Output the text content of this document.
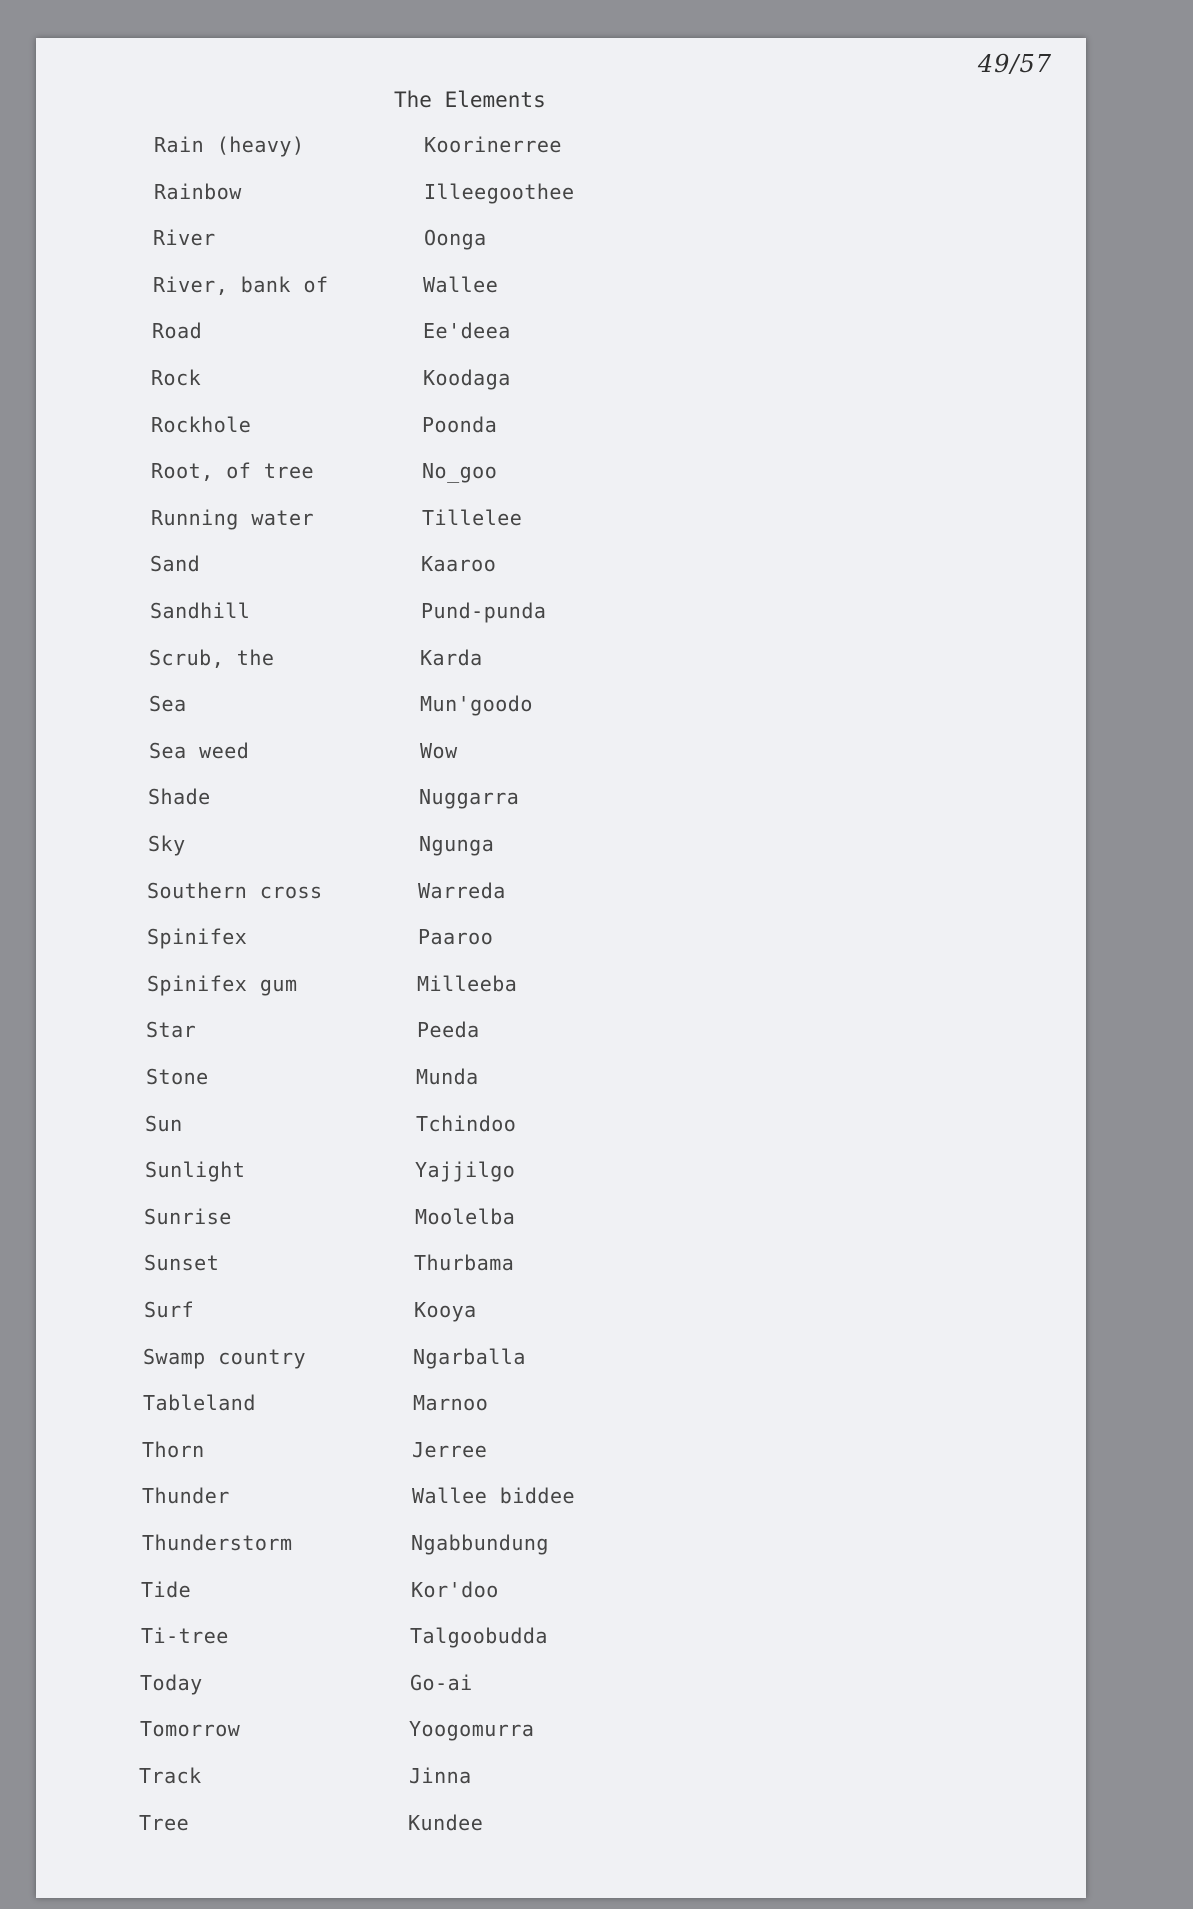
49/57
The Elements
Rain (heavy)	Koorinerree
Rainbow	Illeegoothee
River	Oonga
River, bank of	Wallee
Road	Ee'deea
Rock	Koodaga
Rockhole	Poonda
Root, of tree	No_goo
Running water	Tillelee
Sand	Kaaroo
Sandhill	Pund-punda
Scrub, the	Karda
Sea	Mun'goodo
Sea weed	Wow
Shade	Nuggarra
Sky	Ngunga
Southern cross	Warreda
Spinifex	Paaroo
Spinifex gum	Milleeba
Star	Peeda
Stone	Munda
Sun	Tchindoo
Sunlight	Yajjilgo
Sunrise	Moolelba
Sunset	Thurbama
Surf	Kooya
Swamp country	Ngarballa
Tableland	Marnoo
Thorn	Jerree
Thunder	Wallee biddee
Thunderstorm	Ngabbundung
Tide	Kor'doo
Ti-tree	Talgoobudda
Today	Go-ai
Tomorrow	Yoogomurra
Track	Jinna
Tree	Kundee
